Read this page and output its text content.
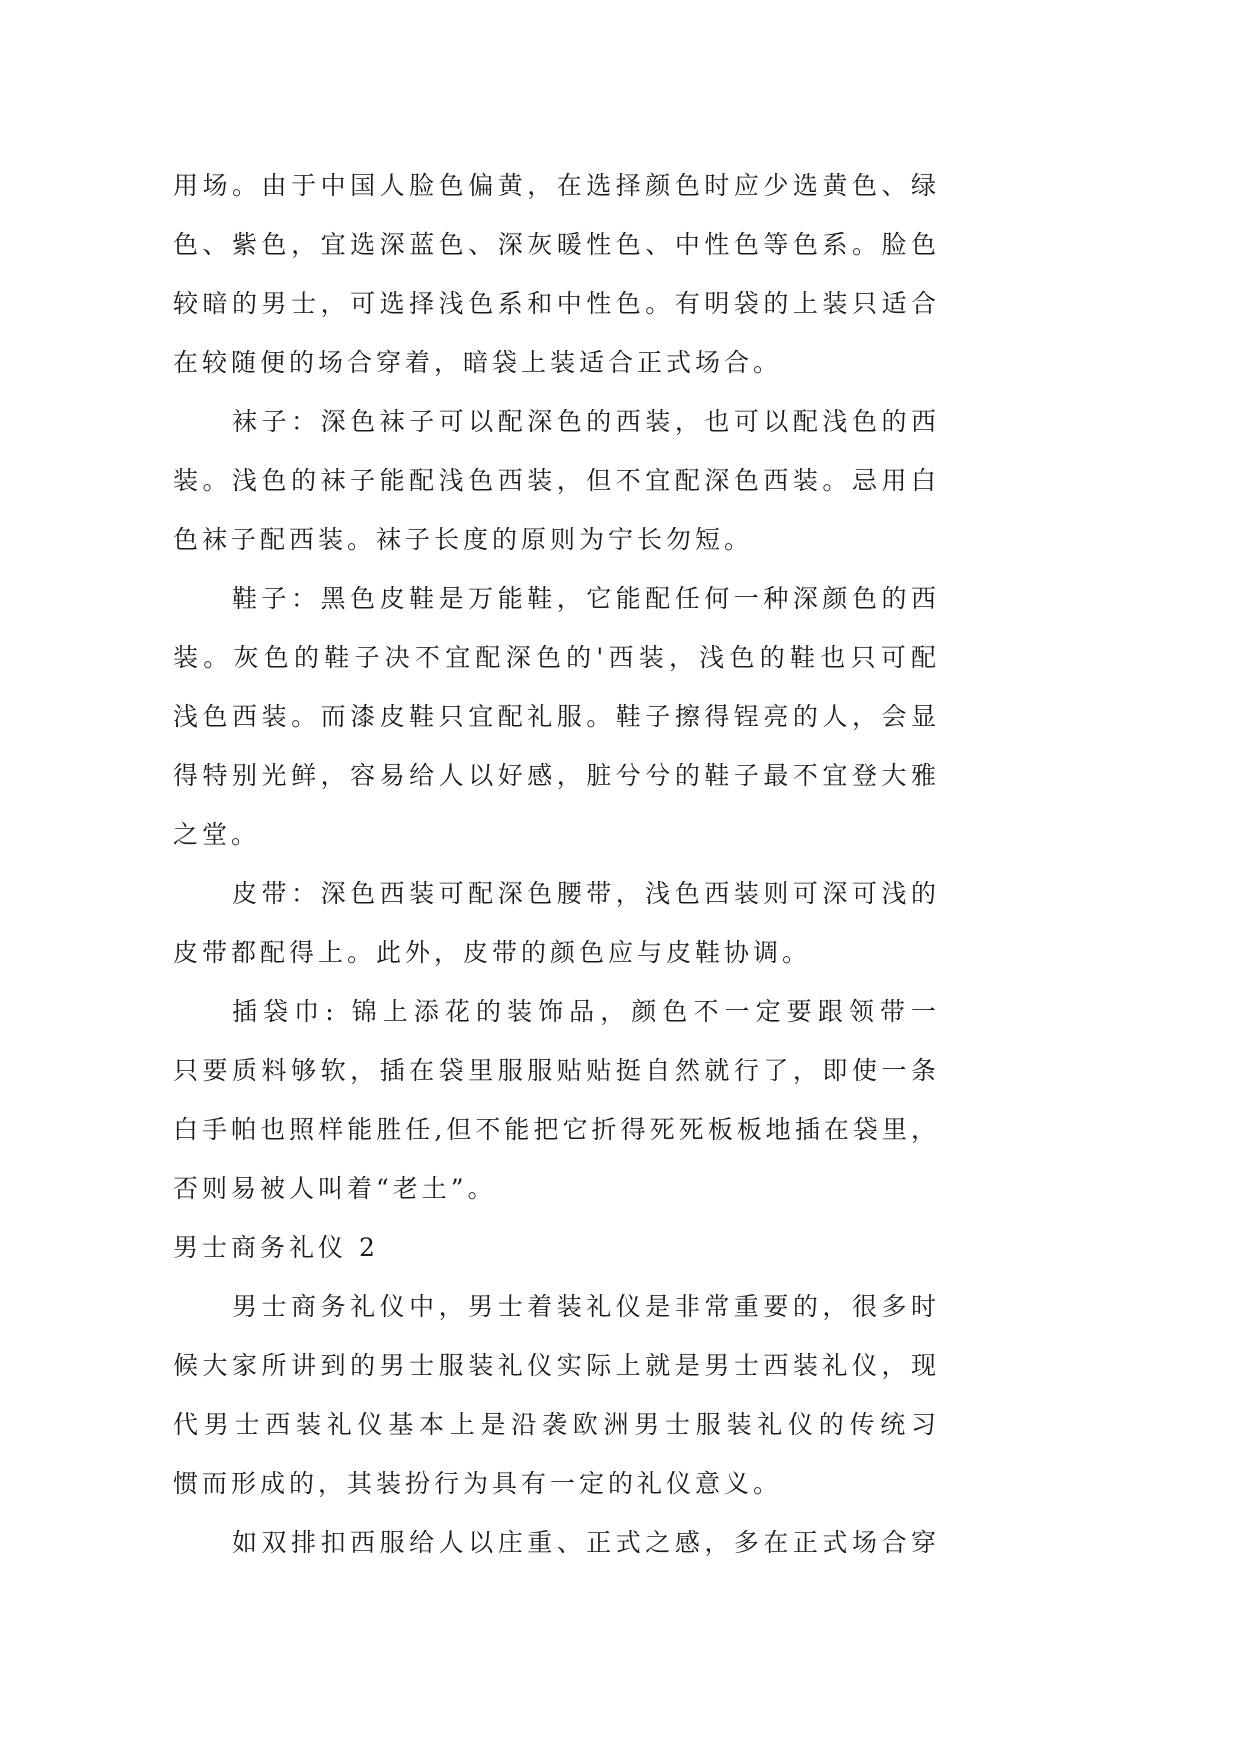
用场。由于中国人脸色偏黄，在选择颜色时应少选黄色、绿
色、紫色，宜选深蓝色、深灰暖性色、中性色等色系。脸色
较暗的男士，可选择浅色系和中性色。有明袋的上装只适合
在较随便的场合穿着，暗袋上装适合正式场合。
袜子：深色袜子可以配深色的西装，也可以配浅色的西
装。浅色的袜子能配浅色西装，但不宜配深色西装。忌用白
色袜子配西装。袜子长度的原则为宁长勿短。
鞋子：黑色皮鞋是万能鞋，它能配任何一种深颜色的西
装。灰色的鞋子决不宜配深色的'西装，浅色的鞋也只可配
浅色西装。而漆皮鞋只宜配礼服。鞋子擦得锃亮的人，会显
得特别光鲜，容易给人以好感，脏兮兮的鞋子最不宜登大雅
之堂。
皮带：深色西装可配深色腰带，浅色西装则可深可浅的
皮带都配得上。此外，皮带的颜色应与皮鞋协调。
插袋巾: 锦上添花的装饰品，颜色不一定要跟领带一
只要质料够软，插在袋里服服贴贴挺自然就行了，即使一条
白手帕也照样能胜任,但不能把它折得死死板板地插在袋里，
否则易被人叫着“老土”。
男士商务礼仪 2
男士商务礼仪中，男士着装礼仪是非常重要的，很多时
候大家所讲到的男士服装礼仪实际上就是男士西装礼仪，现
代男士西装礼仪基本上是沿袭欧洲男士服装礼仪的传统习
惯而形成的，其装扮行为具有一定的礼仪意义。
如双排扣西服给人以庄重、正式之感，多在正式场合穿
